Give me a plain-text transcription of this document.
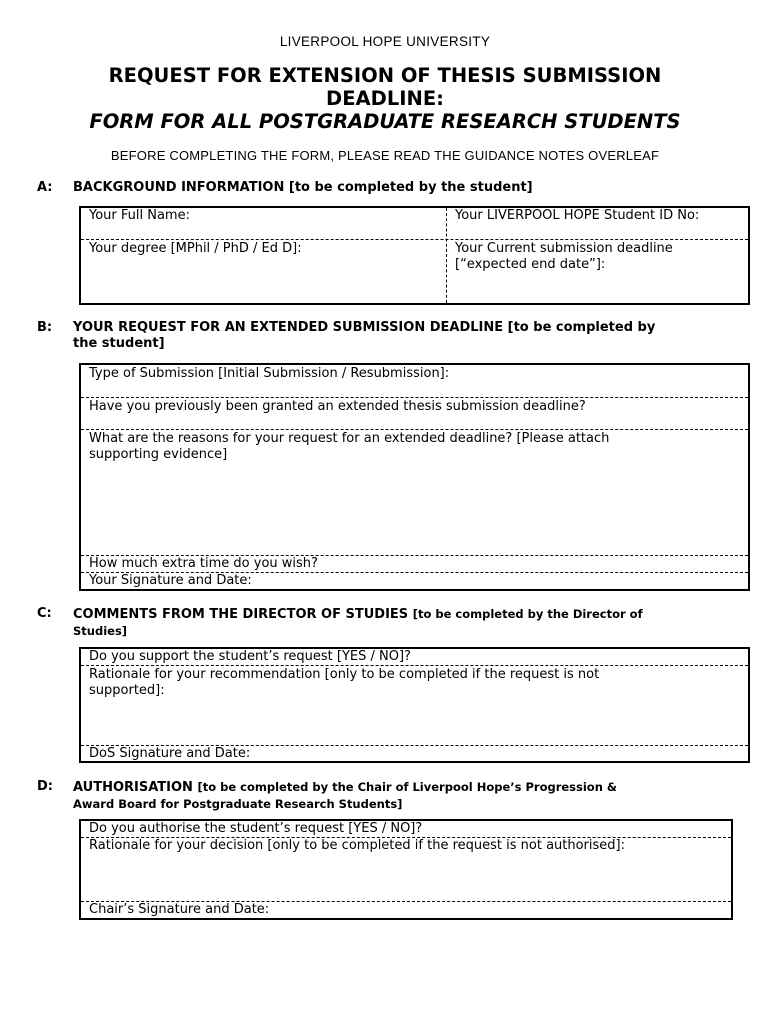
LIVERPOOL HOPE UNIVERSITY
REQUEST FOR EXTENSION OF THESIS SUBMISSION
DEADLINE:
FORM FOR ALL POSTGRADUATE RESEARCH STUDENTS
BEFORE COMPLETING THE FORM, PLEASE READ THE GUIDANCE NOTES OVERLEAF
A: BACKGROUND INFORMATION [to be completed by the student]
Your Full Name:	Your LIVERPOOL HOPE Student ID No:
Your degree [MPhil / PhD / Ed D]:	Your Current submission deadline
[“expected end date”]:
B: YOUR REQUEST FOR AN EXTENDED SUBMISSION DEADLINE [to be completed by
the student]
Type of Submission [Initial Submission / Resubmission]:
Have you previously been granted an extended thesis submission deadline?
What are the reasons for your request for an extended deadline? [Please attach
supporting evidence]
How much extra time do you wish?
Your Signature and Date:
C: COMMENTS FROM THE DIRECTOR OF STUDIES [to be completed by the Director of
Studies]
Do you support the student’s request [YES / NO]?
Rationale for your recommendation [only to be completed if the request is not
supported]:
DoS Signature and Date:
D: AUTHORISATION [to be completed by the Chair of Liverpool Hope’s Progression &
Award Board for Postgraduate Research Students]
Do you authorise the student’s request [YES / NO]?
Rationale for your decision [only to be completed if the request is not authorised]:
Chair’s Signature and Date:
